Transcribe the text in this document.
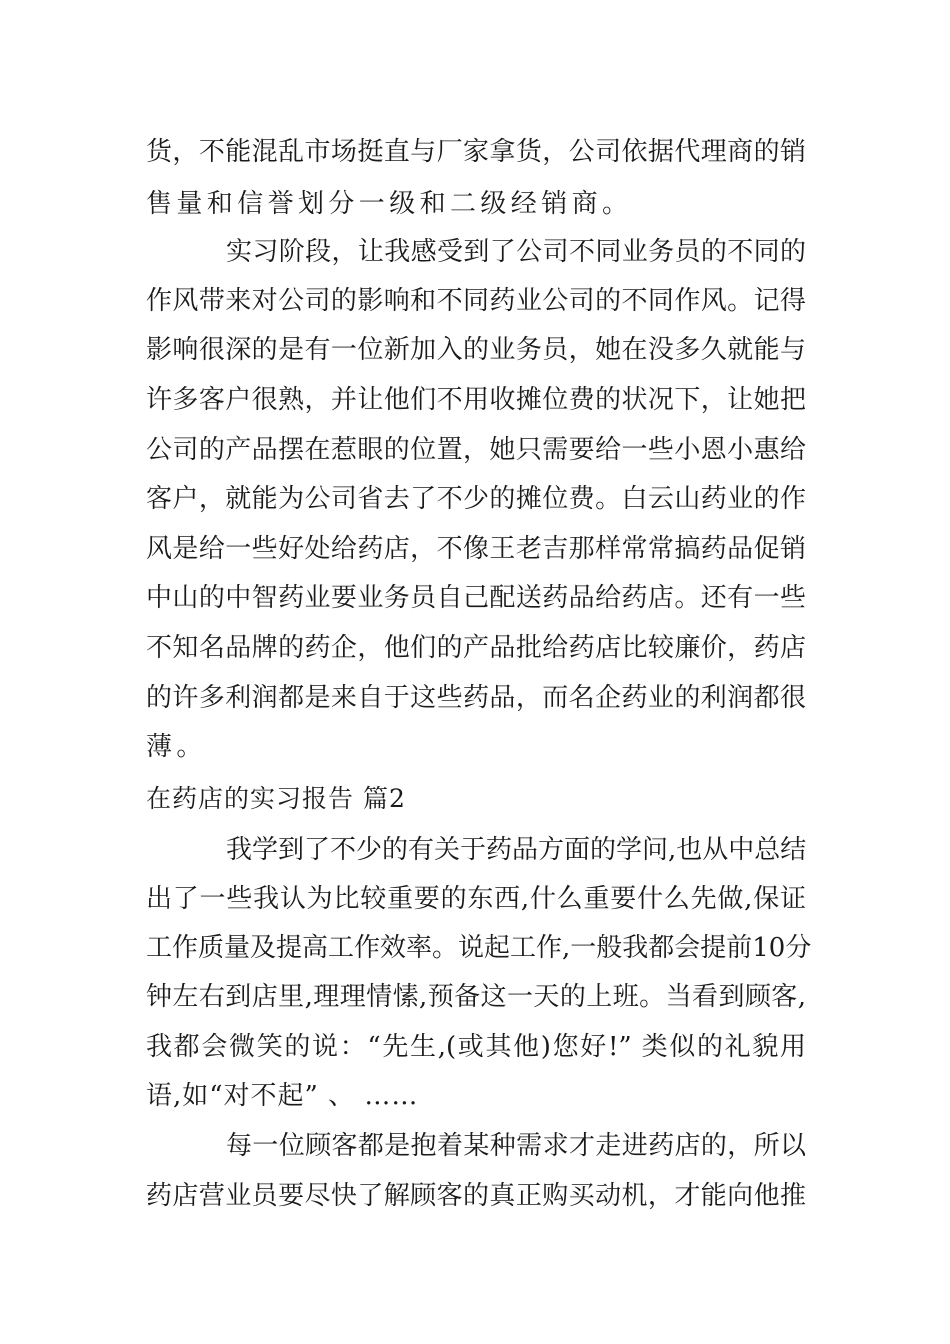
货，不能混乱市场挺直与厂家拿货，公司依据代理商的销
售量和信誉划分一级和二级经销商。
实习阶段，让我感受到了公司不同业务员的不同的
作风带来对公司的影响和不同药业公司的不同作风。记得
影响很深的是有一位新加入的业务员，她在没多久就能与
许多客户很熟，并让他们不用收摊位费的状况下，让她把
公司的产品摆在惹眼的位置，她只需要给一些小恩小惠给
客户，就能为公司省去了不少的摊位费。白云山药业的作
风是给一些好处给药店，不像王老吉那样常常搞药品促销
中山的中智药业要业务员自己配送药品给药店。还有一些
不知名品牌的药企，他们的产品批给药店比较廉价，药店
的许多利润都是来自于这些药品，而名企药业的利润都很
薄。
在药店的实习报告 篇2
我学到了不少的有关于药品方面的学问,也从中总结
出了一些我认为比较重要的东西,什么重要什么先做,保证
工作质量及提高工作效率。说起工作,一般我都会提前10分
钟左右到店里,理理情愫,预备这一天的上班。当看到顾客,
我都会微笑的说：“先生,(或其他)您好!” 类似的礼貌用
语,如“对不起” 、 ……
每一位顾客都是抱着某种需求才走进药店的，所以
药店营业员要尽快了解顾客的真正购买动机，才能向他推
